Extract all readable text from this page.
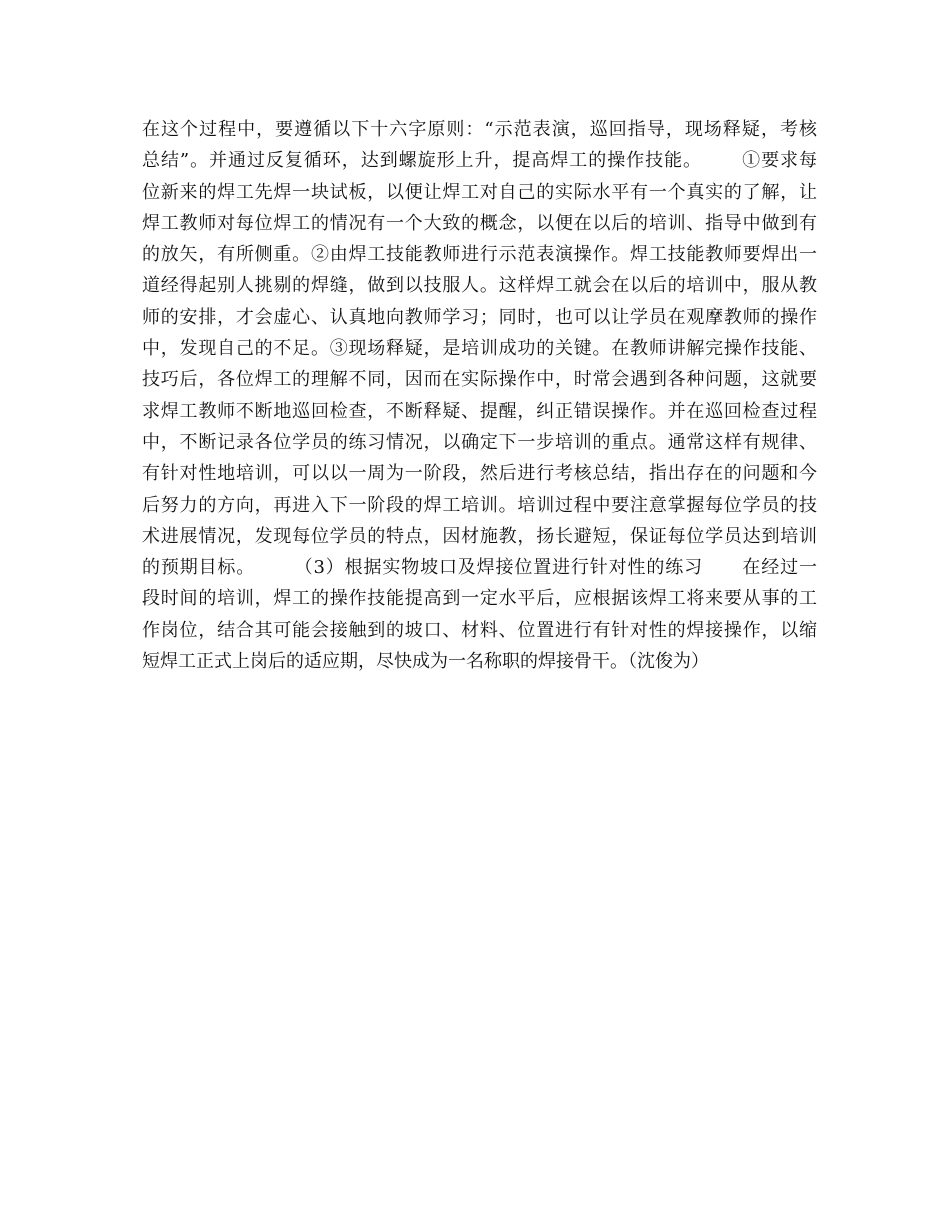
在这个过程中，要遵循以下十六字原则：“示范表演，巡回指导，现场释疑，考核
总结”。并通过反复循环，达到螺旋形上升，提高焊工的操作技能。      ①要求每
位新来的焊工先焊一块试板，以便让焊工对自己的实际水平有一个真实的了解，让
焊工教师对每位焊工的情况有一个大致的概念，以便在以后的培训、指导中做到有
的放矢，有所侧重。②由焊工技能教师进行示范表演操作。焊工技能教师要焊出一
道经得起别人挑剔的焊缝，做到以技服人。这样焊工就会在以后的培训中，服从教
师的安排，才会虚心、认真地向教师学习；同时，也可以让学员在观摩教师的操作
中，发现自己的不足。③现场释疑，是培训成功的关键。在教师讲解完操作技能、
技巧后，各位焊工的理解不同，因而在实际操作中，时常会遇到各种问题，这就要
求焊工教师不断地巡回检查，不断释疑、提醒，纠正错误操作。并在巡回检查过程
中，不断记录各位学员的练习情况，以确定下一步培训的重点。通常这样有规律、
有针对性地培训，可以以一周为一阶段，然后进行考核总结，指出存在的问题和今
后努力的方向，再进入下一阶段的焊工培训。培训过程中要注意掌握每位学员的技
术进展情况，发现每位学员的特点，因材施教，扬长避短，保证每位学员达到培训
的预期目标。      （3）根据实物坡口及焊接位置进行针对性的练习      在经过一
段时间的培训，焊工的操作技能提高到一定水平后，应根据该焊工将来要从事的工
作岗位，结合其可能会接触到的坡口、材料、位置进行有针对性的焊接操作，以缩
短焊工正式上岗后的适应期，尽快成为一名称职的焊接骨干。（沈俊为）
